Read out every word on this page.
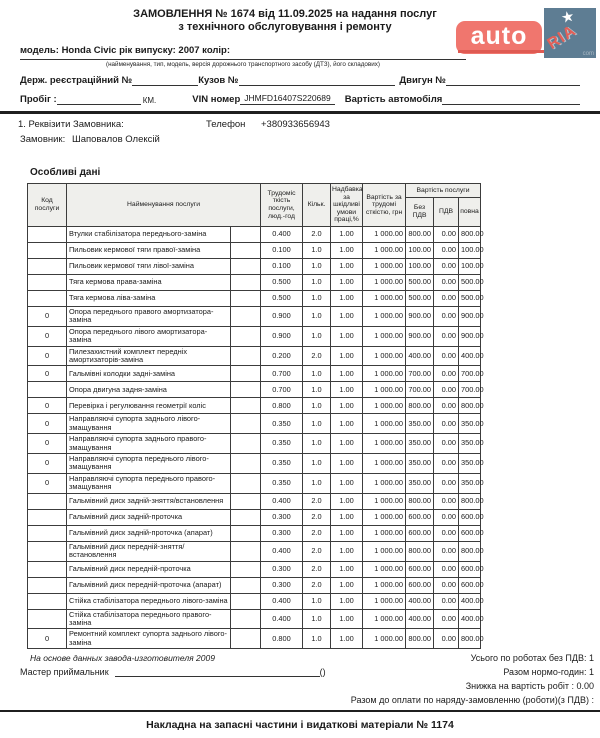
auto
★
RIA
com
ЗАМОВЛЕННЯ № 1674 від 11.09.2025 на надання послуг
з технічного обслуговування і ремонту
модель: Honda Civic рік випуску: 2007 колір:
(найменування, тип, модель, версія дорожнього транспортного засобу (ДТЗ), його складових)
Держ. реєстраційний №	Кузов №	Двигун №
Пробіг :	КМ.	VIN номер JHMFD16407S220689	Вартість автомобіля
1. Реквізити Замовника:	Телефон	+380933656943
Замовник: Шаповалов Олексій
Особливі дані
Код послуги	Найменування послуги		Трудоміс ткість послуги, люд.-год	Кільк.	Надбавка за шкідливі умови праці,%	Вартість за трудомі сткістю, грн	Вартість послуги		
							Без ПДВ	ПДВ	повна
	Втулки стабілізатора переднього-заміна		0.400	2.0	1.00	1 000.00	800.00	0.00	800.00
	Пильовик кермової тяги правої-заміна		0.100	1.0	1.00	1 000.00	100.00	0.00	100.00
	Пильовик кермової тяги лівої-заміна		0.100	1.0	1.00	1 000.00	100.00	0.00	100.00
	Тяга кермова права-заміна		0.500	1.0	1.00	1 000.00	500.00	0.00	500.00
	Тяга кермова ліва-заміна		0.500	1.0	1.00	1 000.00	500.00	0.00	500.00
0	Опора переднього правого амортизатора-заміна		0.900	1.0	1.00	1 000.00	900.00	0.00	900.00
0	Опора переднього лівого амортизатора-заміна		0.900	1.0	1.00	1 000.00	900.00	0.00	900.00
0	Пилезахистний комплект передніх амортизаторів-заміна		0.200	2.0	1.00	1 000.00	400.00	0.00	400.00
0	Гальмівні колодки задні-заміна		0.700	1.0	1.00	1 000.00	700.00	0.00	700.00
	Опора двигуна задня-заміна		0.700	1.0	1.00	1 000.00	700.00	0.00	700.00
0	Перевірка і регулювання геометрії коліс		0.800	1.0	1.00	1 000.00	800.00	0.00	800.00
0	Направляючі супорта заднього лівого-змащування		0.350	1.0	1.00	1 000.00	350.00	0.00	350.00
0	Направляючі супорта заднього правого-змащування		0.350	1.0	1.00	1 000.00	350.00	0.00	350.00
0	Направляючі супорта переднього лівого-змащування		0.350	1.0	1.00	1 000.00	350.00	0.00	350.00
0	Направляючі супорта переднього правого-змащування		0.350	1.0	1.00	1 000.00	350.00	0.00	350.00
	Гальмівний диск задній-зняття/встановлення		0.400	2.0	1.00	1 000.00	800.00	0.00	800.00
	Гальмівний диск задній-проточка		0.300	2.0	1.00	1 000.00	600.00	0.00	600.00
	Гальмівний диск задній-проточка (апарат)		0.300	2.0	1.00	1 000.00	600.00	0.00	600.00
	Гальмівний диск передній-зняття/встановлення		0.400	2.0	1.00	1 000.00	800.00	0.00	800.00
	Гальмівний диск передній-проточка		0.300	2.0	1.00	1 000.00	600.00	0.00	600.00
	Гальмівний диск передній-проточка (апарат)		0.300	2.0	1.00	1 000.00	600.00	0.00	600.00
	Стійка стабілізатора переднього лівого-заміна		0.400	1.0	1.00	1 000.00	400.00	0.00	400.00
	Стійка стабілізатора переднього правого-заміна		0.400	1.0	1.00	1 000.00	400.00	0.00	400.00
0	Ремонтний комплект супорта заднього лівого-заміна		0.800	1.0	1.00	1 000.00	800.00	0.00	800.00
На основе данных завода-изготовителя 2009	Усього по роботах без ПДВ: 1
Мастер приймальник	()	Разом нормо-годин: 1
Знижка на вартість робіт : 0.00
Разом до оплати по наряду-замовленню (роботи)(з ПДВ) :
Накладна на запасні частини і видаткові матеріали № 1174
